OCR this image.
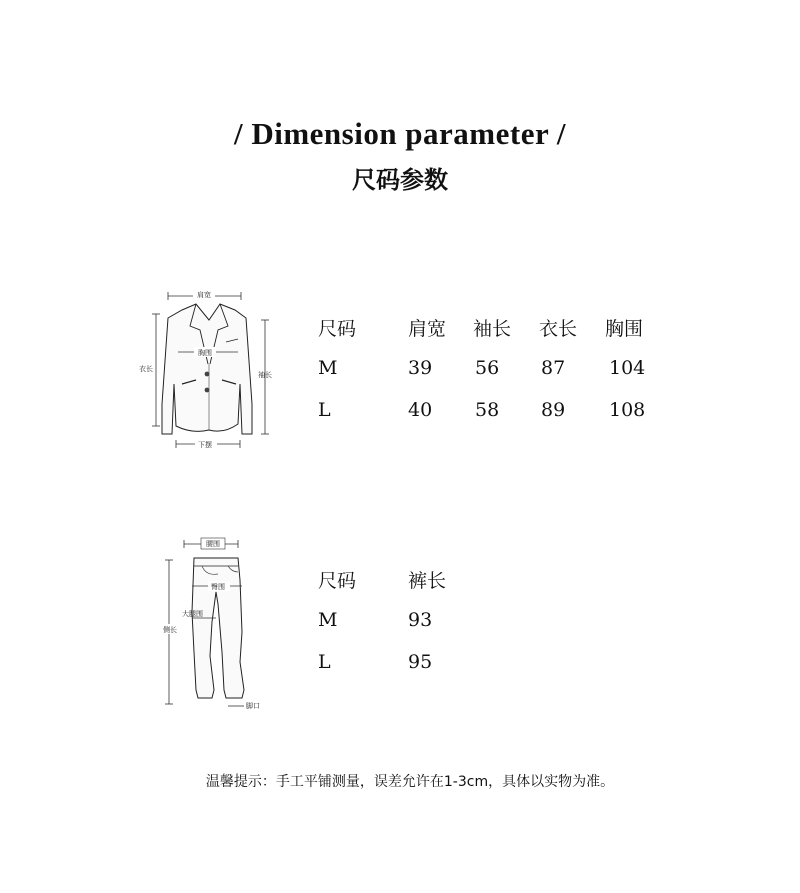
/ Dimension parameter /
尺码参数
肩宽
衣长
袖长
胸围
下摆
尺码	肩宽 袖长 衣长 胸围
M	39 56 87 104
L	40 58 89 108
腰围
侧长
臀围
大腿围
脚口
尺码	裤长
M	93
L	95
温馨提示：手工平铺测量，误差允许在1-3cm，具体以实物为准。
